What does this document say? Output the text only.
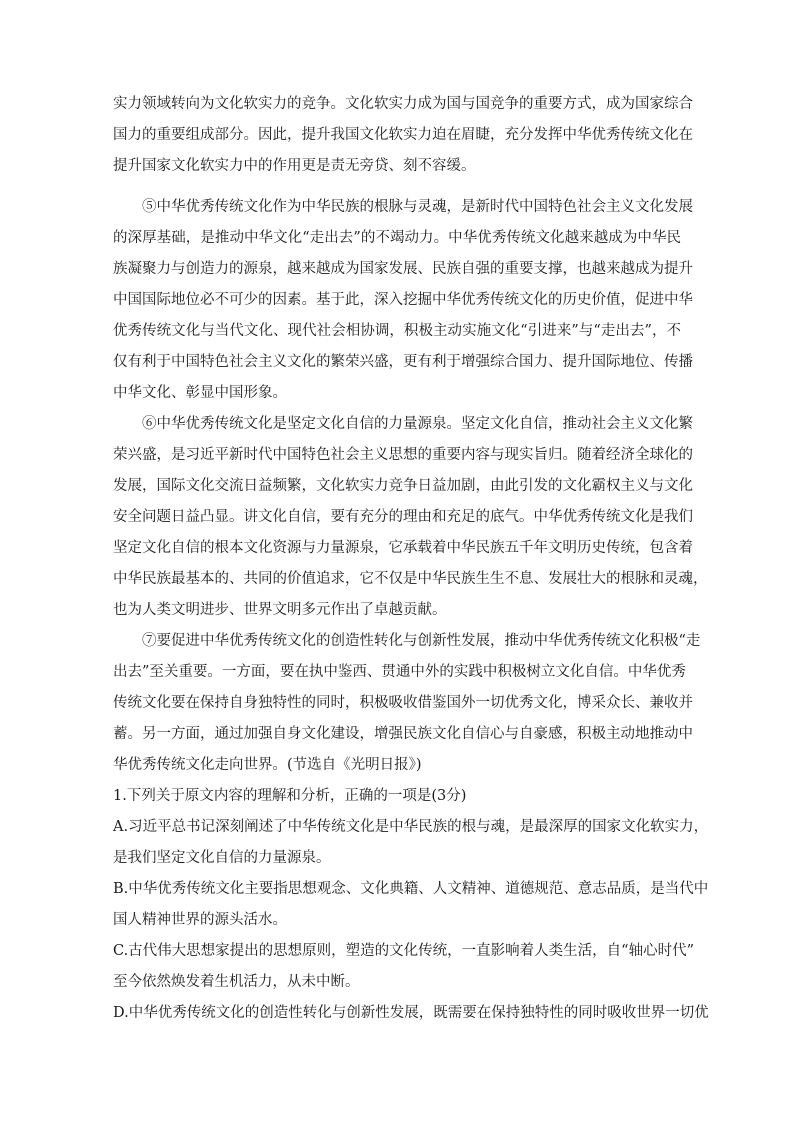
实力领域转向为文化软实力的竞争。文化软实力成为国与国竞争的重要方式，成为国家综合
国力的重要组成部分。因此，提升我国文化软实力迫在眉睫，充分发挥中华优秀传统文化在
提升国家文化软实力中的作用更是责无旁贷、刻不容缓。
　　⑤中华优秀传统文化作为中华民族的根脉与灵魂，是新时代中国特色社会主义文化发展
的深厚基础，是推动中华文化“走出去”的不竭动力。中华优秀传统文化越来越成为中华民
族凝聚力与创造力的源泉，越来越成为国家发展、民族自强的重要支撑，也越来越成为提升
中国国际地位必不可少的因素。基于此，深入挖掘中华优秀传统文化的历史价值，促进中华
优秀传统文化与当代文化、现代社会相协调，积极主动实施文化“引进来”与“走出去”，不
仅有利于中国特色社会主义文化的繁荣兴盛，更有利于增强综合国力、提升国际地位、传播
中华文化、彰显中国形象。
　　⑥中华优秀传统文化是坚定文化自信的力量源泉。坚定文化自信，推动社会主义文化繁
荣兴盛，是习近平新时代中国特色社会主义思想的重要内容与现实旨归。随着经济全球化的
发展，国际文化交流日益频繁，文化软实力竞争日益加剧，由此引发的文化霸权主义与文化
安全问题日益凸显。讲文化自信，要有充分的理由和充足的底气。中华优秀传统文化是我们
坚定文化自信的根本文化资源与力量源泉，它承载着中华民族五千年文明历史传统，包含着
中华民族最基本的、共同的价值追求，它不仅是中华民族生生不息、发展壮大的根脉和灵魂，
也为人类文明进步、世界文明多元作出了卓越贡献。
　　⑦要促进中华优秀传统文化的创造性转化与创新性发展，推动中华优秀传统文化积极“走
出去”至关重要。一方面，要在执中鉴西、贯通中外的实践中积极树立文化自信。中华优秀
传统文化要在保持自身独特性的同时，积极吸收借鉴国外一切优秀文化，博采众长、兼收并
蓄。另一方面，通过加强自身文化建设，增强民族文化自信心与自豪感，积极主动地推动中
华优秀传统文化走向世界。(节选自《光明日报》)
1.下列关于原文内容的理解和分析，正确的一项是(3分)
A.习近平总书记深刻阐述了中华传统文化是中华民族的根与魂，是最深厚的国家文化软实力，
是我们坚定文化自信的力量源泉。
B.中华优秀传统文化主要指思想观念、文化典籍、人文精神、道德规范、意志品质，是当代中
国人精神世界的源头活水。
C.古代伟大思想家提出的思想原则，塑造的文化传统，一直影响着人类生活，自“轴心时代”
至今依然焕发着生机活力，从未中断。
D.中华优秀传统文化的创造性转化与创新性发展，既需要在保持独特性的同时吸收世界一切优
